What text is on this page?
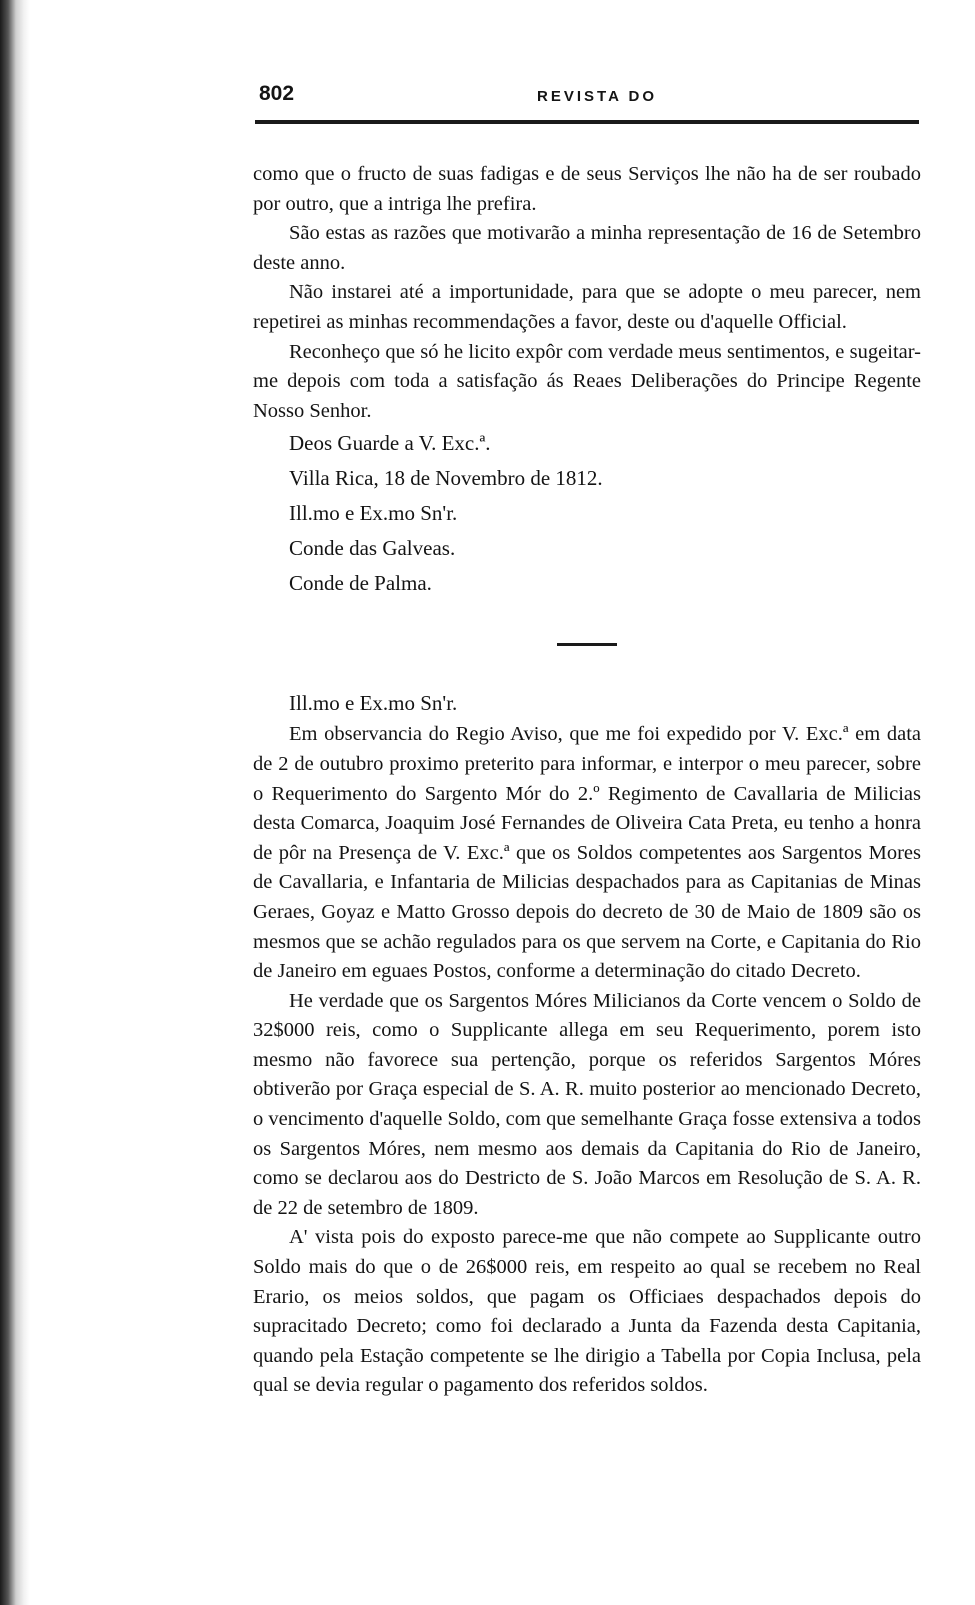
802	REVISTA DO

como que o fructo de suas fadigas e de seus Serviços lhe não ha de ser roubado por outro, que a intriga lhe prefira.

São estas as razões que motivarão a minha representação de 16 de Setembro deste anno.

Não instarei até a importunidade, para que se adopte o meu parecer, nem repetirei as minhas recommendações a favor, deste ou d'aquelle Official.

Reconheço que só he licito expôr com verdade meus sentimentos, e sugeitar-me depois com toda a satisfação ás Reaes Deliberações do Principe Regente Nosso Senhor.

Deos Guarde a V. Exc.ª.
Villa Rica, 18 de Novembro de 1812.
Ill.mo e Ex.mo Sn'r.
Conde das Galveas.
Conde de Palma.
Ill.mo e Ex.mo Sn'r.

Em observancia do Regio Aviso, que me foi expedido por V. Exc.ª em data de 2 de outubro proximo preterito para informar, e interpor o meu parecer, sobre o Requerimento do Sargento Mór do 2.º Regimento de Cavallaria de Milicias desta Comarca, Joaquim José Fernandes de Oliveira Cata Preta, eu tenho a honra de pôr na Presença de V. Exc.ª que os Soldos competentes aos Sargentos Mores de Cavallaria, e Infantaria de Milicias despachados para as Capitanias de Minas Geraes, Goyaz e Matto Grosso depois do decreto de 30 de Maio de 1809 são os mesmos que se achão regulados para os que servem na Corte, e Capitania do Rio de Janeiro em eguaes Postos, conforme a determinação do citado Decreto.

He verdade que os Sargentos Móres Milicianos da Corte vencem o Soldo de 32$000 reis, como o Supplicante allega em seu Requerimento, porem isto mesmo não favorece sua pertenção, porque os referidos Sargentos Móres obtiverão por Graça especial de S. A. R. muito posterior ao mencionado Decreto, o vencimento d'aquelle Soldo, com que semelhante Graça fosse extensiva a todos os Sargentos Móres, nem mesmo aos demais da Capitania do Rio de Janeiro, como se declarou aos do Destricto de S. João Marcos em Resolução de S. A. R. de 22 de setembro de 1809.

A' vista pois do exposto parece-me que não compete ao Supplicante outro Soldo mais do que o de 26$000 reis, em respeito ao qual se recebem no Real Erario, os meios soldos, que pagam os Officiaes despachados depois do supracitado Decreto; como foi declarado a Junta da Fazenda desta Capitania, quando pela Estação competente se lhe dirigio a Tabella por Copia Inclusa, pela qual se devia regular o pagamento dos referidos soldos.
